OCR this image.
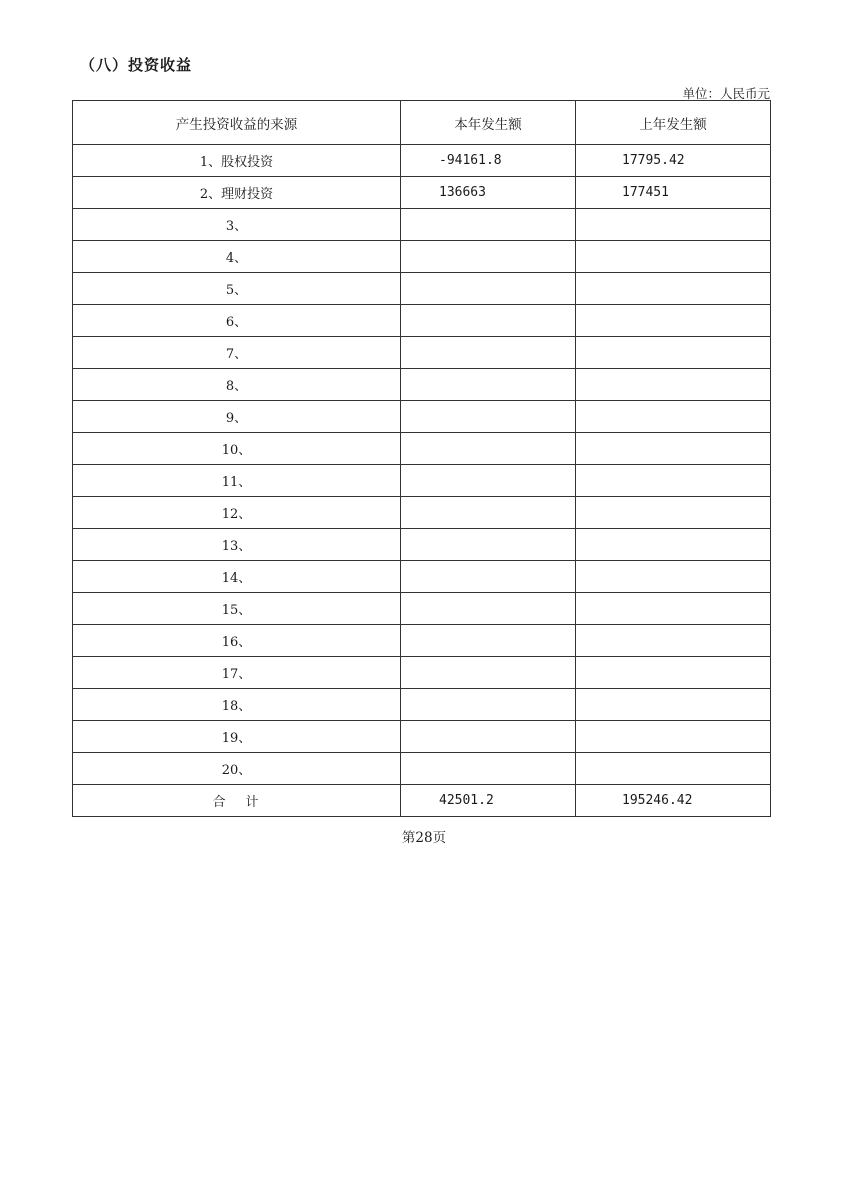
（八）投资收益
单位：人民币元
产生投资收益的来源	本年发生额	上年发生额
1、股权投资	-94161.8	17795.42
2、理财投资	136663	177451
3、		
4、		
5、		
6、		
7、		
8、		
9、		
10、		
11、		
12、		
13、		
14、		
15、		
16、		
17、		
18、		
19、		
20、		
合计	42501.2	195246.42
第28页
